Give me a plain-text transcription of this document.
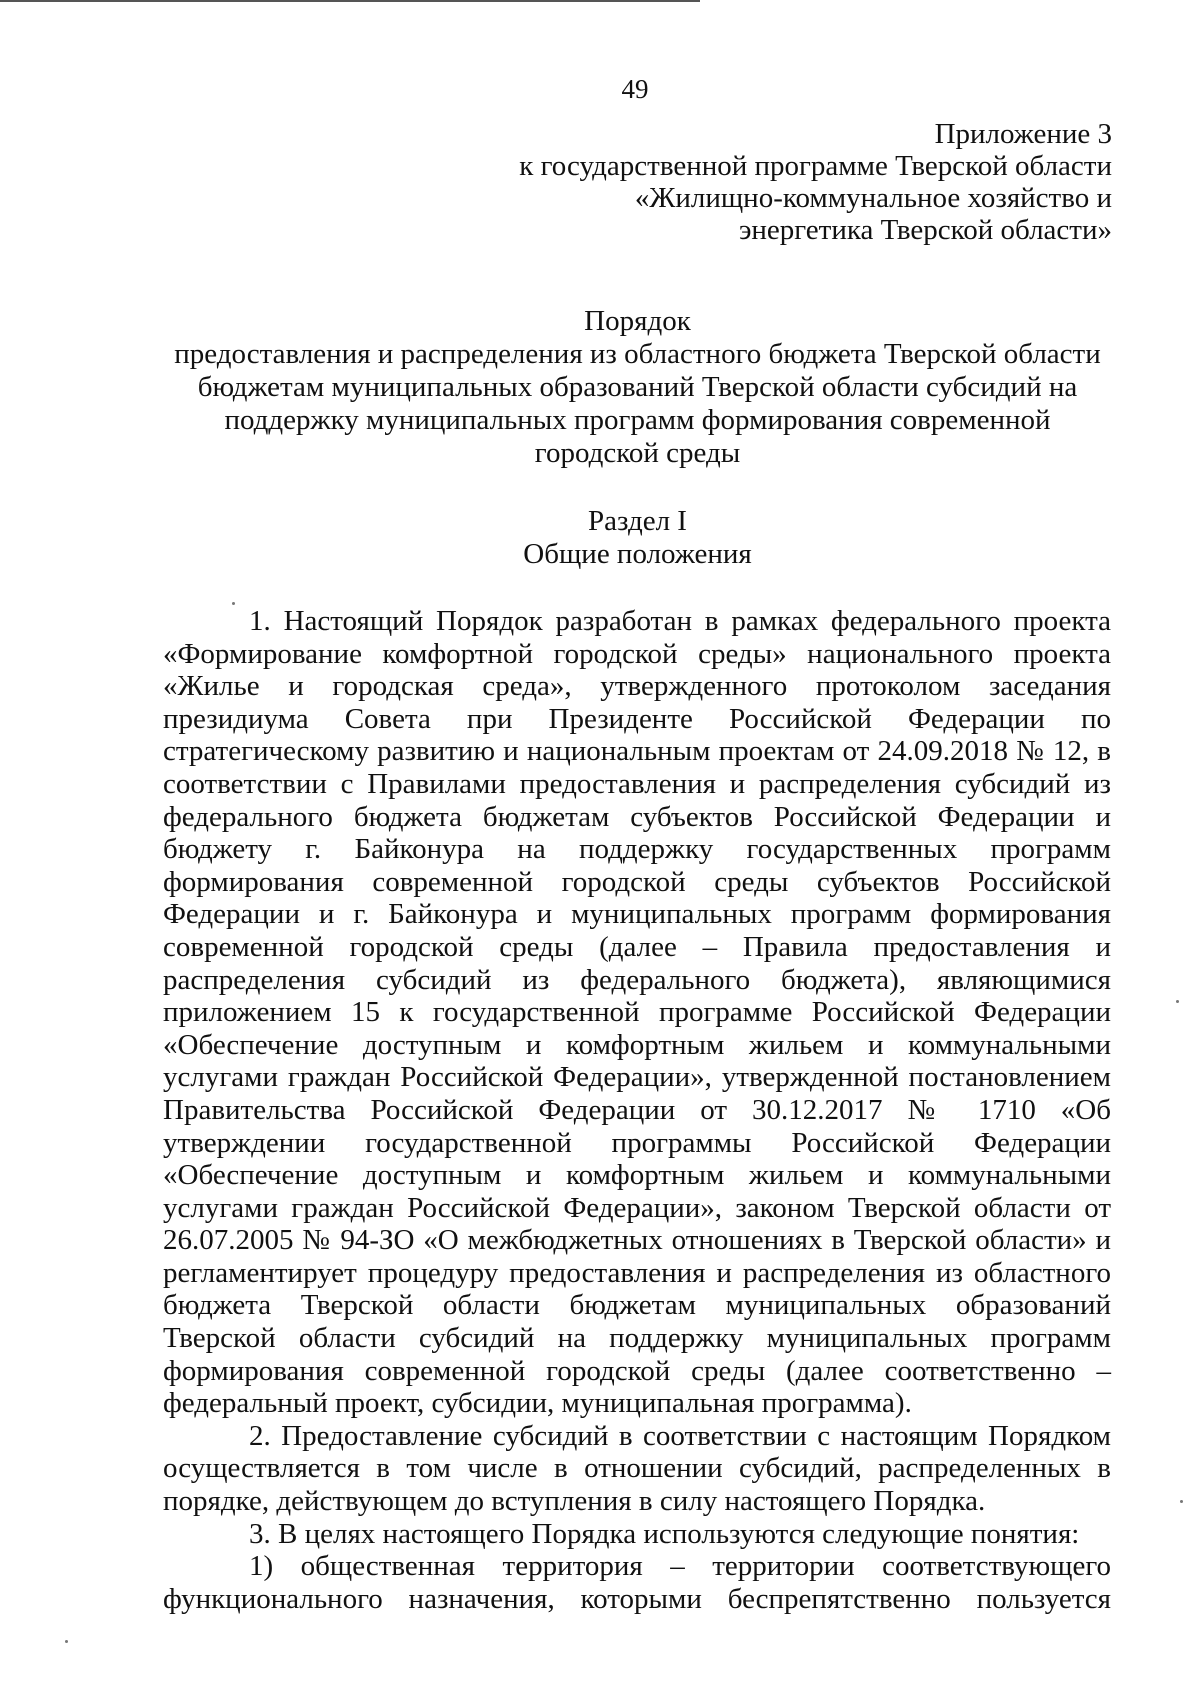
49
Приложение 3
к государственной программе Тверской области
«Жилищно-коммунальное хозяйство и
энергетика Тверской области»
Порядок
предоставления и распределения из областного бюджета Тверской области бюджетам муниципальных образований Тверской области субсидий на поддержку муниципальных программ формирования современной городской среды
Раздел I
Общие положения

1. Настоящий Порядок разработан в рамках федерального проекта «Формирование комфортной городской среды» национального проекта «Жилье и городская среда», утвержденного протоколом заседания президиума Совета при Президенте Российской Федерации по стратегическому развитию и национальным проектам от 24.09.2018 № 12, в соответствии с Правилами предоставления и распределения субсидий из федерального бюджета бюджетам субъектов Российской Федерации и бюджету г. Байконура на поддержку государственных программ формирования современной городской среды субъектов Российской Федерации и г. Байконура и муниципальных программ формирования современной городской среды (далее – Правила предоставления и распределения субсидий из федерального бюджета), являющимися приложением 15 к государственной программе Российской Федерации «Обеспечение доступным и комфортным жильем и коммунальными услугами граждан Российской Федерации», утвержденной постановлением Правительства Российской Федерации от 30.12.2017 № 1710 «Об утверждении государственной программы Российской Федерации «Обеспечение доступным и комфортным жильем и коммунальными услугами граждан Российской Федерации», законом Тверской области от 26.07.2005 № 94-ЗО «О межбюджетных отношениях в Тверской области» и регламентирует процедуру предоставления и распределения из областного бюджета Тверской области бюджетам муниципальных образований Тверской области субсидий на поддержку муниципальных программ формирования современной городской среды (далее соответственно – федеральный проект, субсидии, муниципальная программа).

2. Предоставление субсидий в соответствии с настоящим Порядком осуществляется в том числе в отношении субсидий, распределенных в порядке, действующем до вступления в силу настоящего Порядка.

3. В целях настоящего Порядка используются следующие понятия:

1) общественная территория – территории соответствующего функционального назначения, которыми беспрепятственно пользуется
